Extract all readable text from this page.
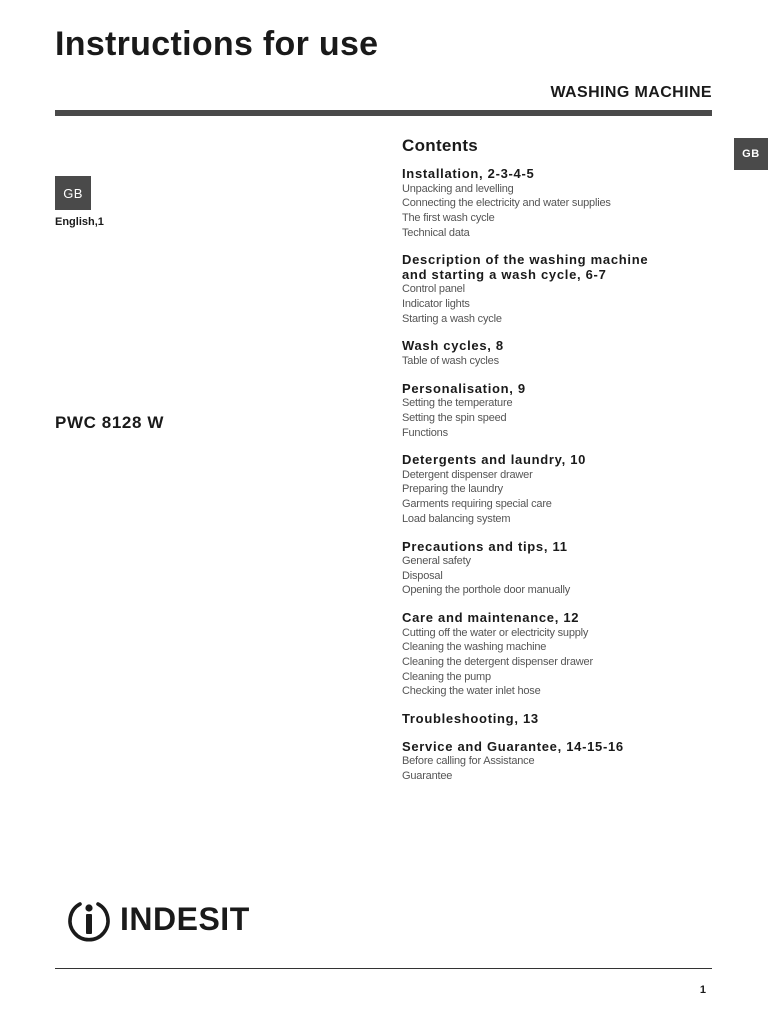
Instructions for use
WASHING MACHINE
GB
GB
English,1
PWC 8128 W
Contents
Installation, 2-3-4-5
Unpacking and levelling
Connecting the electricity and water supplies
The first wash cycle
Technical data
Description of the washing machine
and starting a wash cycle, 6-7
Control panel
Indicator lights
Starting a wash cycle
Wash cycles, 8
Table of wash cycles
Personalisation, 9
Setting the temperature
Setting the spin speed
Functions
Detergents and laundry, 10
Detergent dispenser drawer
Preparing the laundry
Garments requiring special care
Load balancing system
Precautions and tips, 11
General safety
Disposal
Opening the porthole door manually
Care and maintenance, 12
Cutting off the water or electricity supply
Cleaning the washing machine
Cleaning the detergent dispenser drawer
Cleaning the pump
Checking the water inlet hose
Troubleshooting, 13
Service and Guarantee, 14-15-16
Before calling for Assistance
Guarantee
INDESIT
1
